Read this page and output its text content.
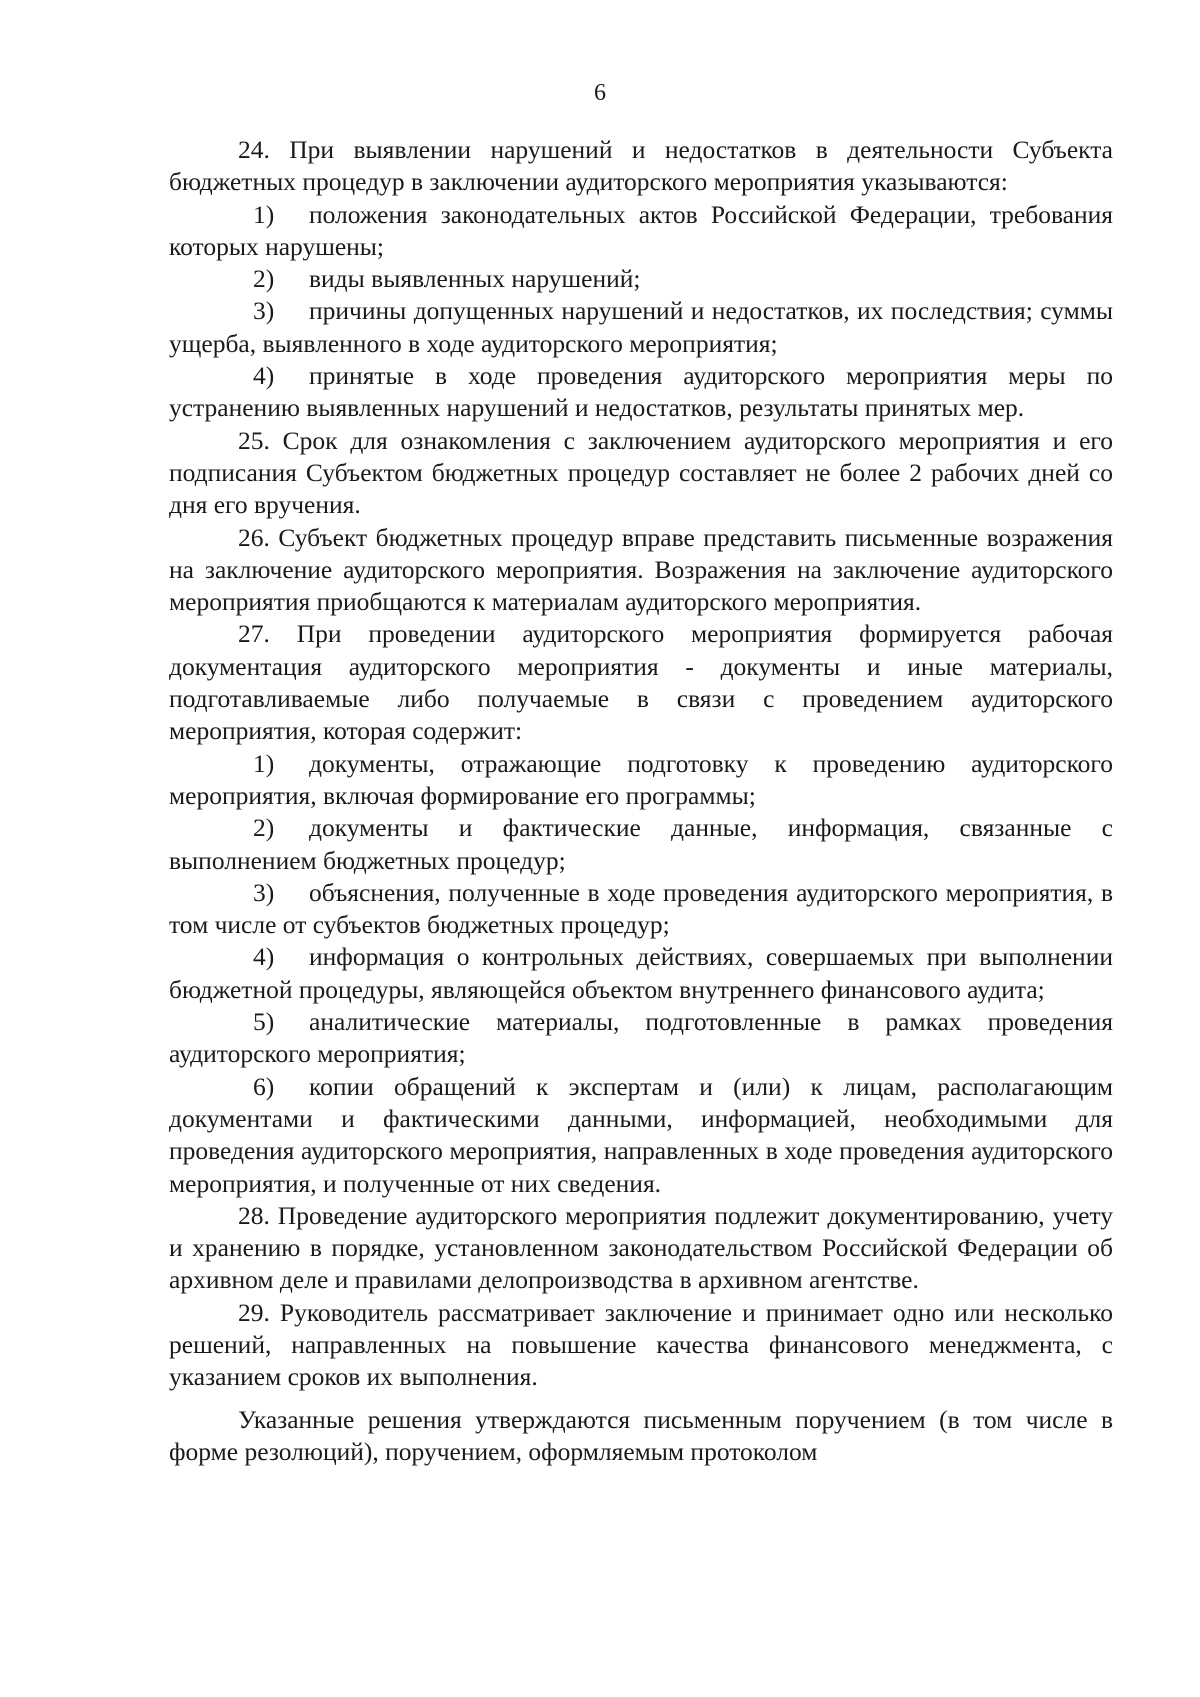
6

24. При выявлении нарушений и недостатков в деятельности Субъекта бюджетных процедур в заключении аудиторского мероприятия указываются:

1) положения законодательных актов Российской Федерации, требования которых нарушены;

2) виды выявленных нарушений;

3) причины допущенных нарушений и недостатков, их последствия; суммы ущерба, выявленного в ходе аудиторского мероприятия;

4) принятые в ходе проведения аудиторского мероприятия меры по устранению выявленных нарушений и недостатков, результаты принятых мер.

25. Срок для ознакомления с заключением аудиторского мероприятия и его подписания Субъектом бюджетных процедур составляет не более 2 рабочих дней со дня его вручения.

26. Субъект бюджетных процедур вправе представить письменные возражения на заключение аудиторского мероприятия. Возражения на заключение аудиторского мероприятия приобщаются к материалам аудиторского мероприятия.

27. При проведении аудиторского мероприятия формируется рабочая документация аудиторского мероприятия - документы и иные материалы, подготавливаемые либо получаемые в связи с проведением аудиторского мероприятия, которая содержит:

1) документы, отражающие подготовку к проведению аудиторского мероприятия, включая формирование его программы;

2) документы и фактические данные, информация, связанные с выполнением бюджетных процедур;

3) объяснения, полученные в ходе проведения аудиторского мероприятия, в том числе от субъектов бюджетных процедур;

4) информация о контрольных действиях, совершаемых при выполнении бюджетной процедуры, являющейся объектом внутреннего финансового аудита;

5) аналитические материалы, подготовленные в рамках проведения аудиторского мероприятия;

6) копии обращений к экспертам и (или) к лицам, располагающим документами и фактическими данными, информацией, необходимыми для проведения аудиторского мероприятия, направленных в ходе проведения аудиторского мероприятия, и полученные от них сведения.

28. Проведение аудиторского мероприятия подлежит документированию, учету и хранению в порядке, установленном законодательством Российской Федерации об архивном деле и правилами делопроизводства в архивном агентстве.

29. Руководитель рассматривает заключение и принимает одно или несколько решений, направленных на повышение качества финансового менеджмента, с указанием сроков их выполнения.

Указанные решения утверждаются письменным поручением (в том числе в форме резолюций), поручением, оформляемым протоколом
